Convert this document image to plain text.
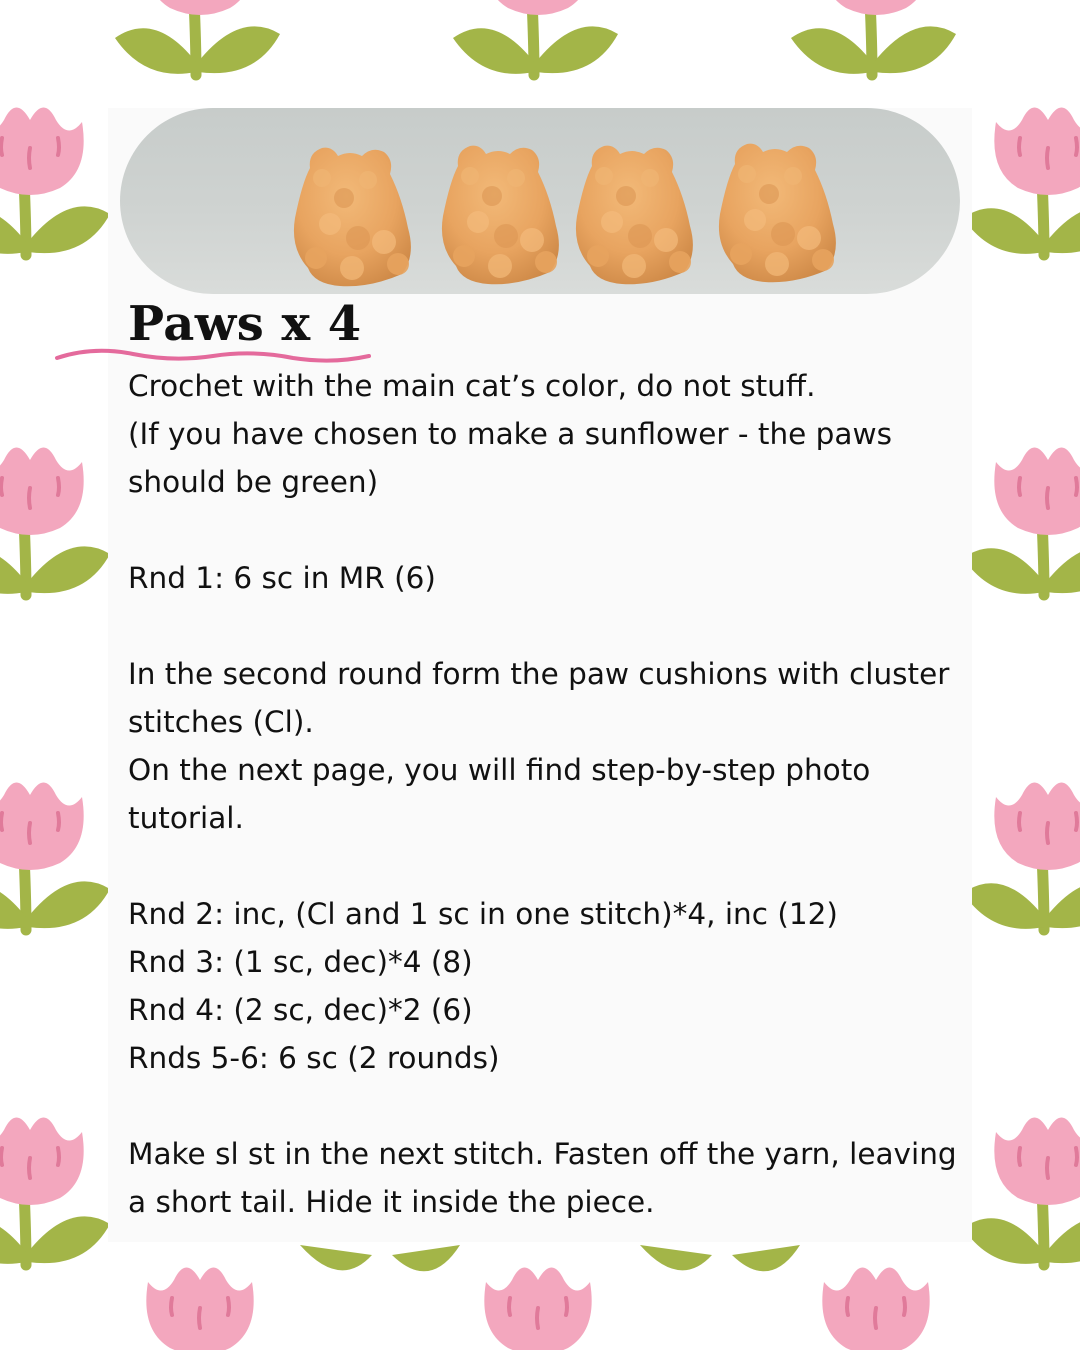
Paws x 4

Crochet with the main cat’s color, do not stuff.

(If you have chosen to make a sunflower - the paws should be green)

Rnd 1: 6 sc in MR (6)

In the second round form the paw cushions with cluster stitches (Cl).

On the next page, you will find step-by-step photo tutorial.

Rnd 2: inc, (Cl and 1 sc in one stitch)*4, inc (12)

Rnd 3: (1 sc, dec)*4 (8)

Rnd 4: (2 sc, dec)*2 (6)

Rnds 5-6: 6 sc (2 rounds)

Make sl st in the next stitch. Fasten off the yarn, leaving a short tail. Hide it inside the piece.
